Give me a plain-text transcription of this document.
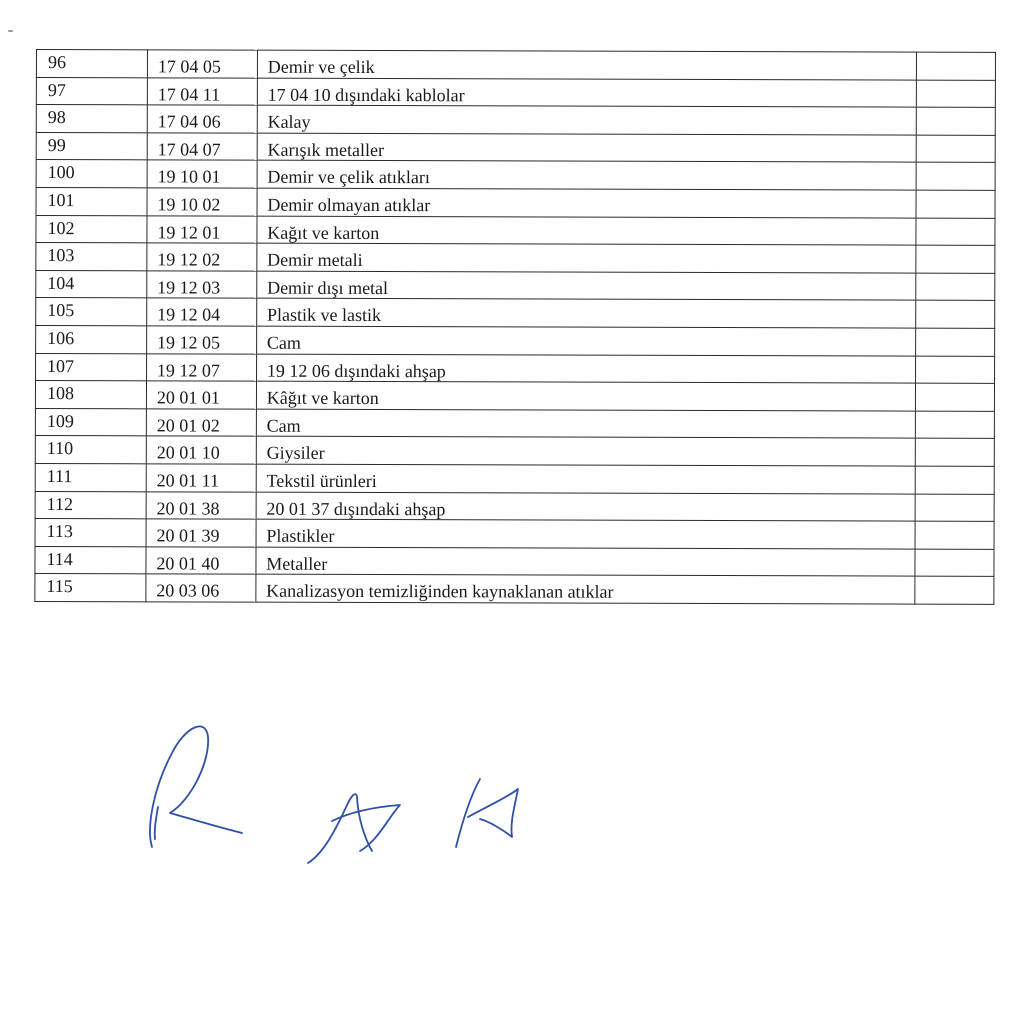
96	17 04 05	Demir ve çelik	
97	17 04 11	17 04 10 dışındaki kablolar	
98	17 04 06	Kalay	
99	17 04 07	Karışık metaller	
100	19 10 01	Demir ve çelik atıkları	
101	19 10 02	Demir olmayan atıklar	
102	19 12 01	Kağıt ve karton	
103	19 12 02	Demir metali	
104	19 12 03	Demir dışı metal	
105	19 12 04	Plastik ve lastik	
106	19 12 05	Cam	
107	19 12 07	19 12 06 dışındaki ahşap	
108	20 01 01	Kâğıt ve karton	
109	20 01 02	Cam	
110	20 01 10	Giysiler	
111	20 01 11	Tekstil ürünleri	
112	20 01 38	20 01 37 dışındaki ahşap	
113	20 01 39	Plastikler	
114	20 01 40	Metaller	
115	20 03 06	Kanalizasyon temizliğinden kaynaklanan atıklar	
